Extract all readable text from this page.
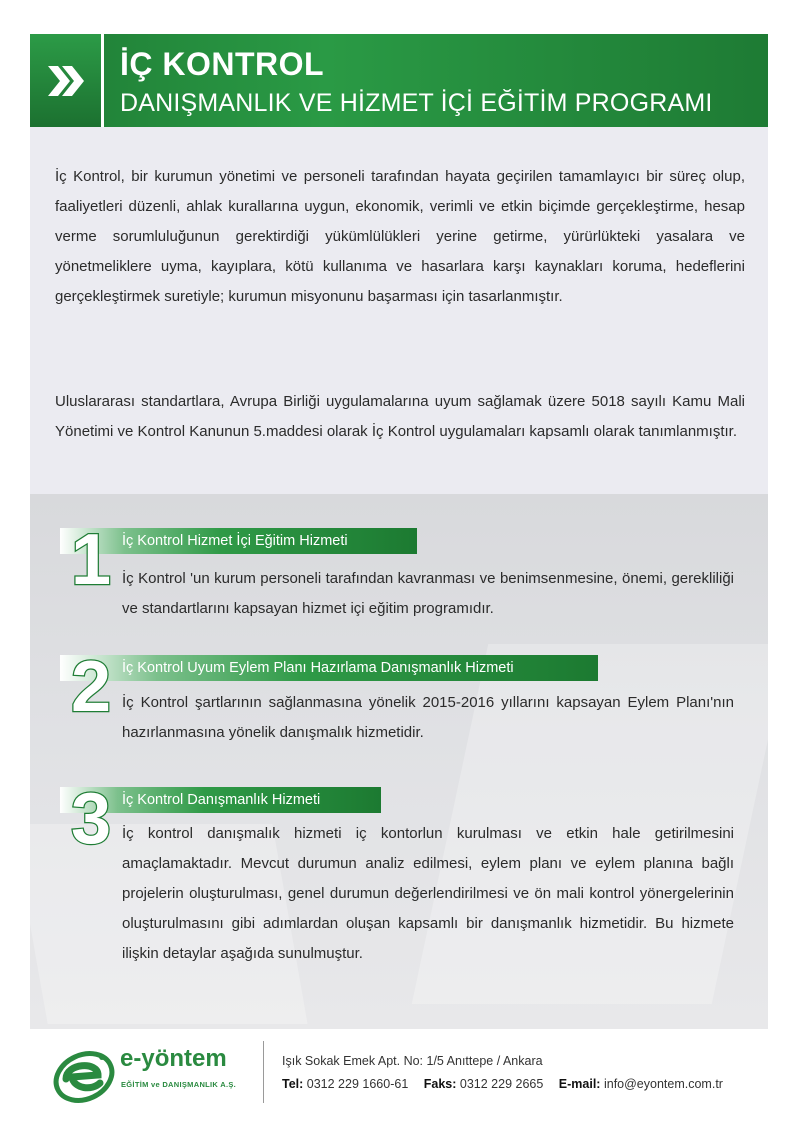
İÇ KONTROL
DANIŞMANLIK VE HİZMET İÇİ EĞİTİM PROGRAMI

İç Kontrol, bir kurumun yönetimi ve personeli tarafından hayata geçirilen tamamlayıcı bir süreç olup, faaliyetleri düzenli, ahlak kurallarına uygun, ekonomik, verimli ve etkin biçimde gerçekleştirme, hesap verme sorumluluğunun gerektirdiği yükümlülükleri yerine getirme, yürürlükteki yasalara ve yönetmeliklere uyma, kayıplara, kötü kullanıma ve hasarlara karşı kaynakları koruma, hedeflerini gerçekleştirmek suretiyle; kurumun misyonunu başarması için tasarlanmıştır.

Uluslararası standartlara, Avrupa Birliği uygulamalarına uyum sağlamak üzere 5018 sayılı Kamu Mali Yönetimi ve Kontrol Kanunun 5.maddesi olarak İç Kontrol uygulamaları kapsamlı olarak tanımlanmıştır.

İç Kontrol Hizmet İçi Eğitim Hizmeti
1 İç Kontrol 'un kurum personeli tarafından kavranması ve benimsenmesine, önemi, gerekliliği ve standartlarını kapsayan hizmet içi eğitim programıdır.

İç Kontrol Uyum Eylem Planı Hazırlama Danışmanlık Hizmeti
2 İç Kontrol şartlarının sağlanmasına yönelik 2015-2016 yıllarını kapsayan Eylem Planı'nın hazırlanmasına yönelik danışmalık hizmetidir.

İç Kontrol Danışmanlık Hizmeti
3 İç kontrol danışmalık hizmeti iç kontorlun kurulması ve etkin hale getirilmesini amaçlamaktadır. Mevcut durumun analiz edilmesi, eylem planı ve eylem planına bağlı projelerin oluşturulması, genel durumun değerlendirilmesi ve ön mali kontrol yönergelerinin oluşturulmasını gibi adımlardan oluşan kapsamlı bir danışmanlık hizmetidir. Bu hizmete ilişkin detaylar aşağıda sunulmuştur.

e-yöntem
EĞİTİM ve DANIŞMANLIK A.Ş.
Işık Sokak Emek Apt. No: 1/5 Anıttepe / Ankara
Tel: 0312 229 1660-61 Faks: 0312 229 2665 E-mail: info@eyontem.com.tr
